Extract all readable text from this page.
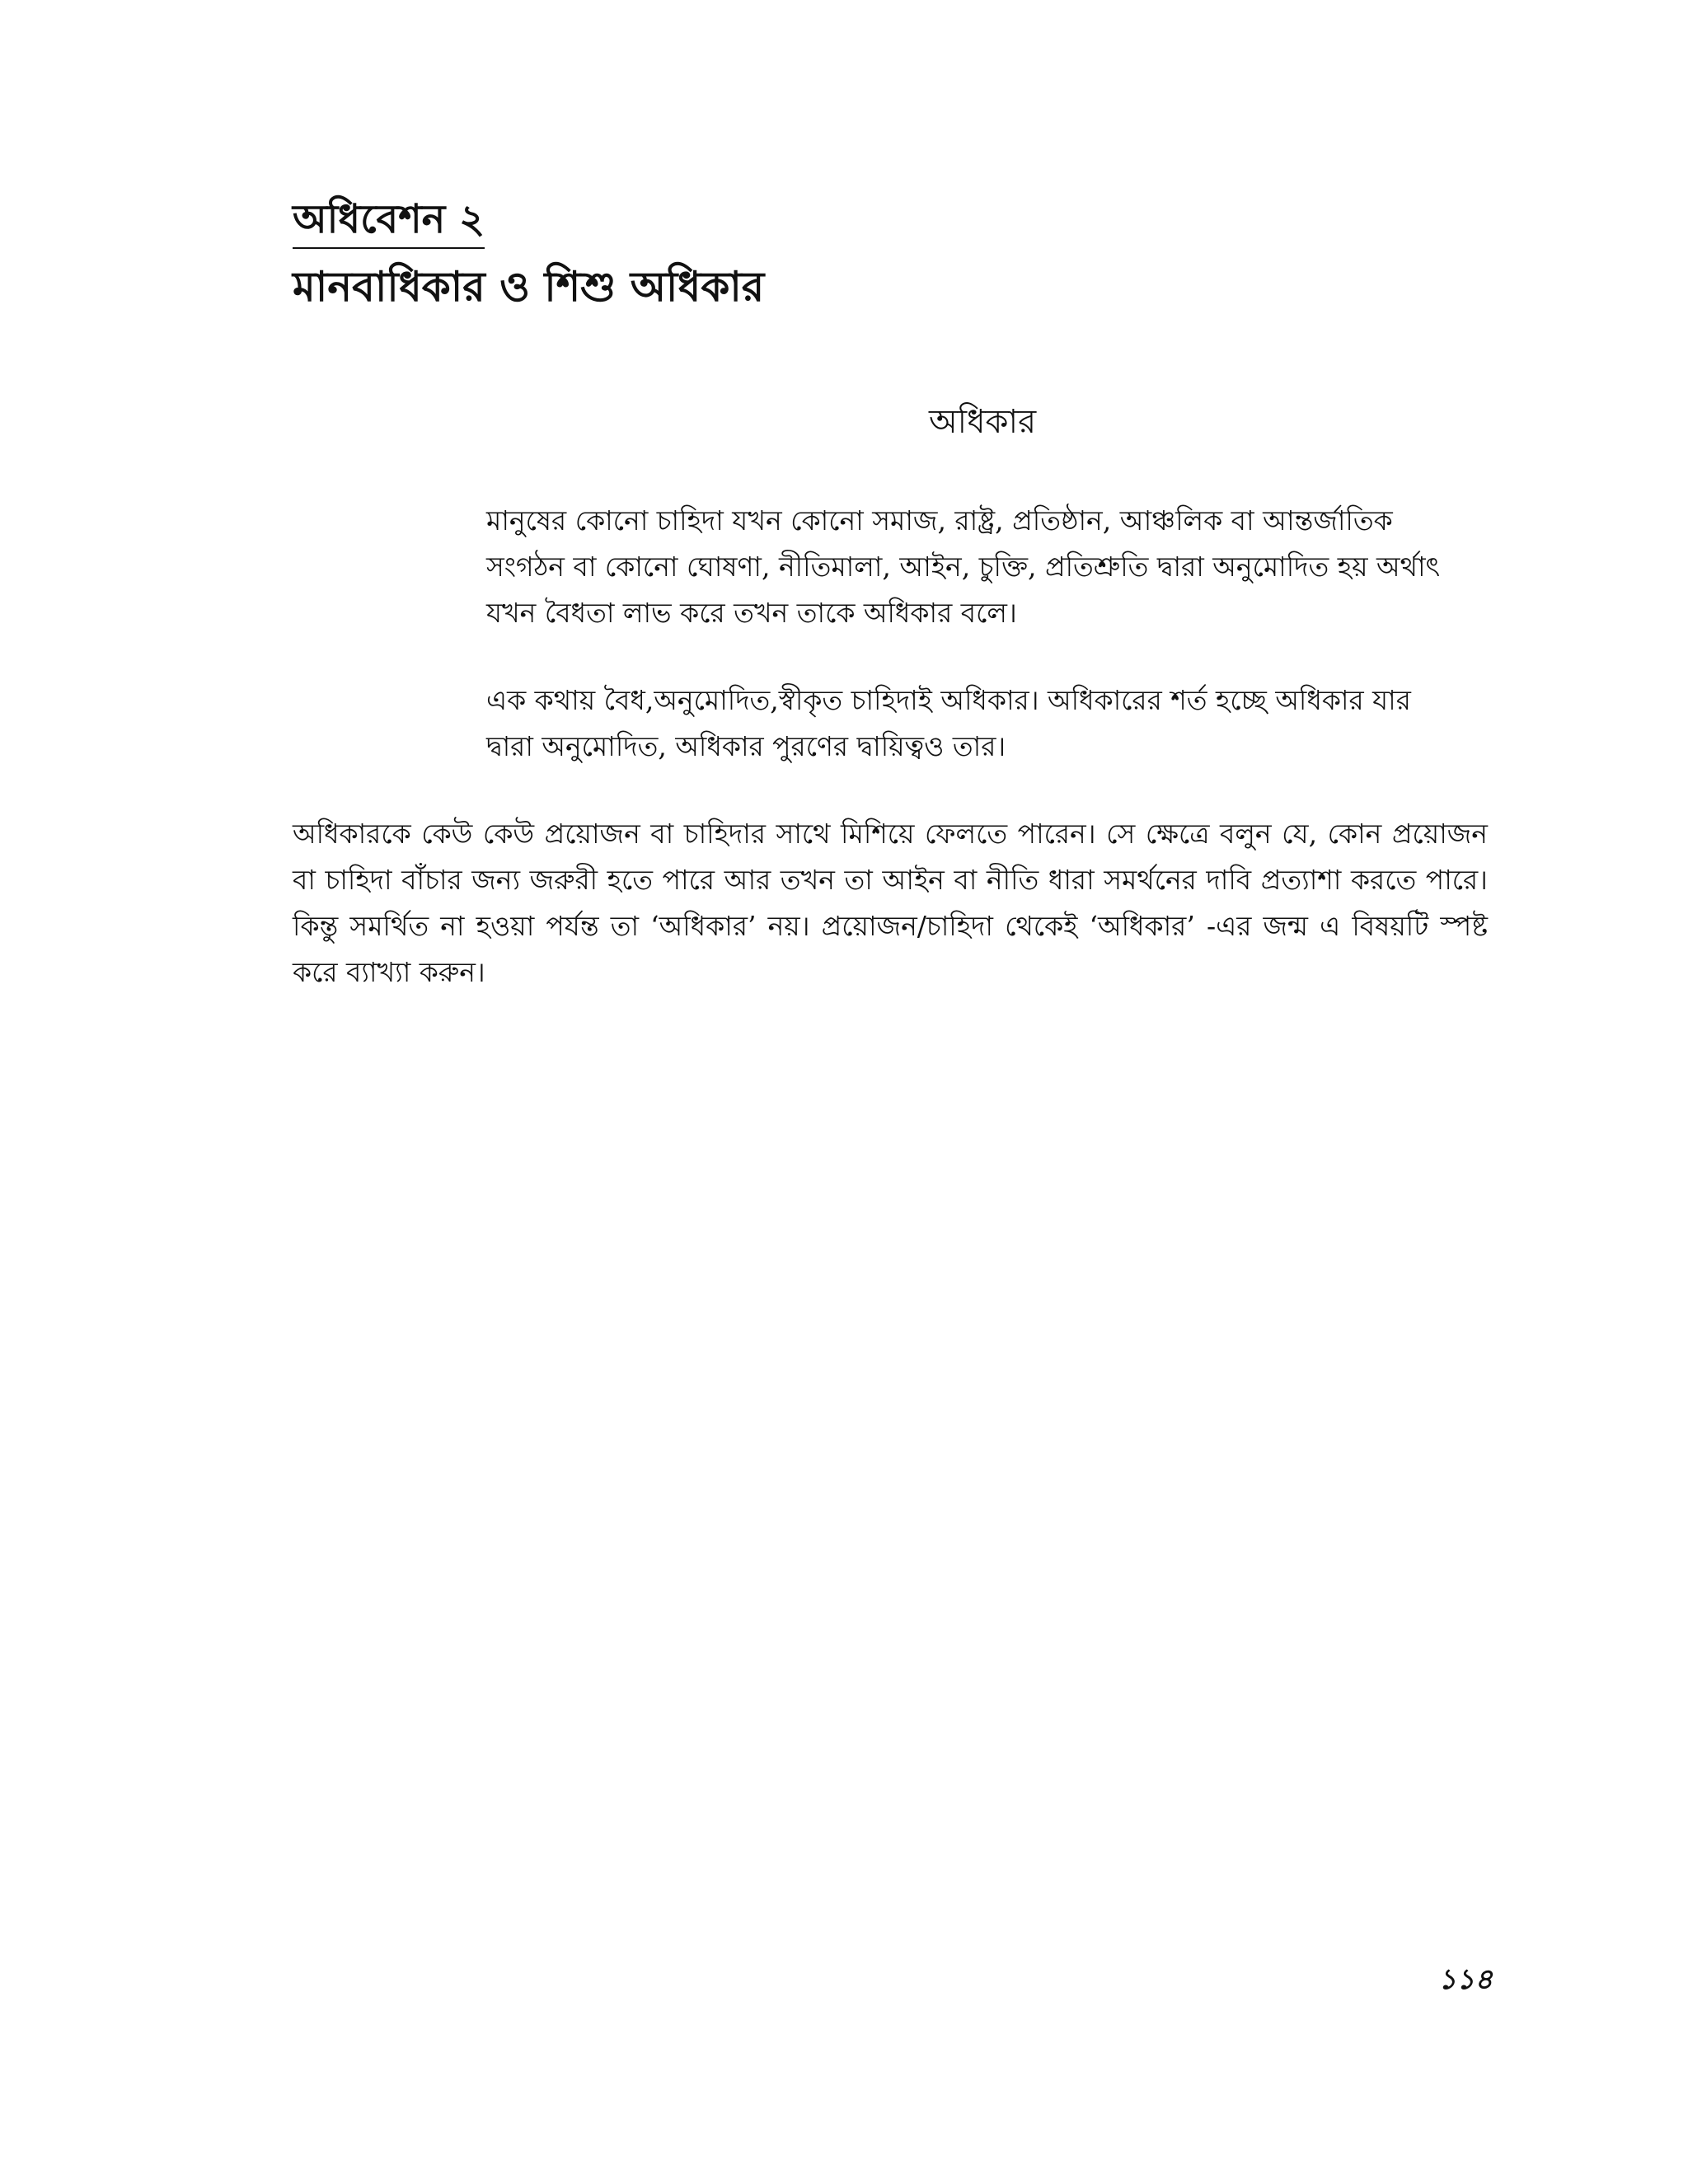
অধিবেশন ২
মানবাধিকার ও শিশু অধিকার
অধিকার

মানুষের কোনো চাহিদা যখন কোনো সমাজ, রাষ্ট্র, প্রতিষ্ঠান, আঞ্চলিক বা আন্তর্জাতিক সংগঠন বা কোনো ঘোষণা, নীতিমালা, আইন, চুক্তি, প্রতিশ্রুতি দ্বারা অনুমোদিত হয় অর্থাৎ যখন বৈধতা লাভ করে তখন তাকে অধিকার বলে।

এক কথায় বৈধ,অনুমোদিত,স্বীকৃত চাহিদাই অধিকার। অধিকারের শর্ত হচ্ছে অধিকার যার দ্বারা অনুমোদিত, অধিকার পুরণের দ্বায়িত্বও তার।

অধিকারকে কেউ কেউ প্রয়োজন বা চাহিদার সাথে মিশিয়ে ফেলতে পারেন। সে ক্ষেত্রে বলুন যে, কোন প্রয়োজন বা চাহিদা বাঁচার জন্য জরুরী হতে পারে আর তখন তা আইন বা নীতি ধারা সমর্থনের দাবি প্রত্যাশা করতে পারে। কিন্তু সমর্থিত না হওয়া পর্যন্ত তা ‘অধিকার’ নয়। প্রয়োজন/চাহিদা থেকেই ‘অধিকার’ -এর জন্ম এ বিষয়টি স্পষ্ট করে ব্যাখ্যা করুন।

১১৪
